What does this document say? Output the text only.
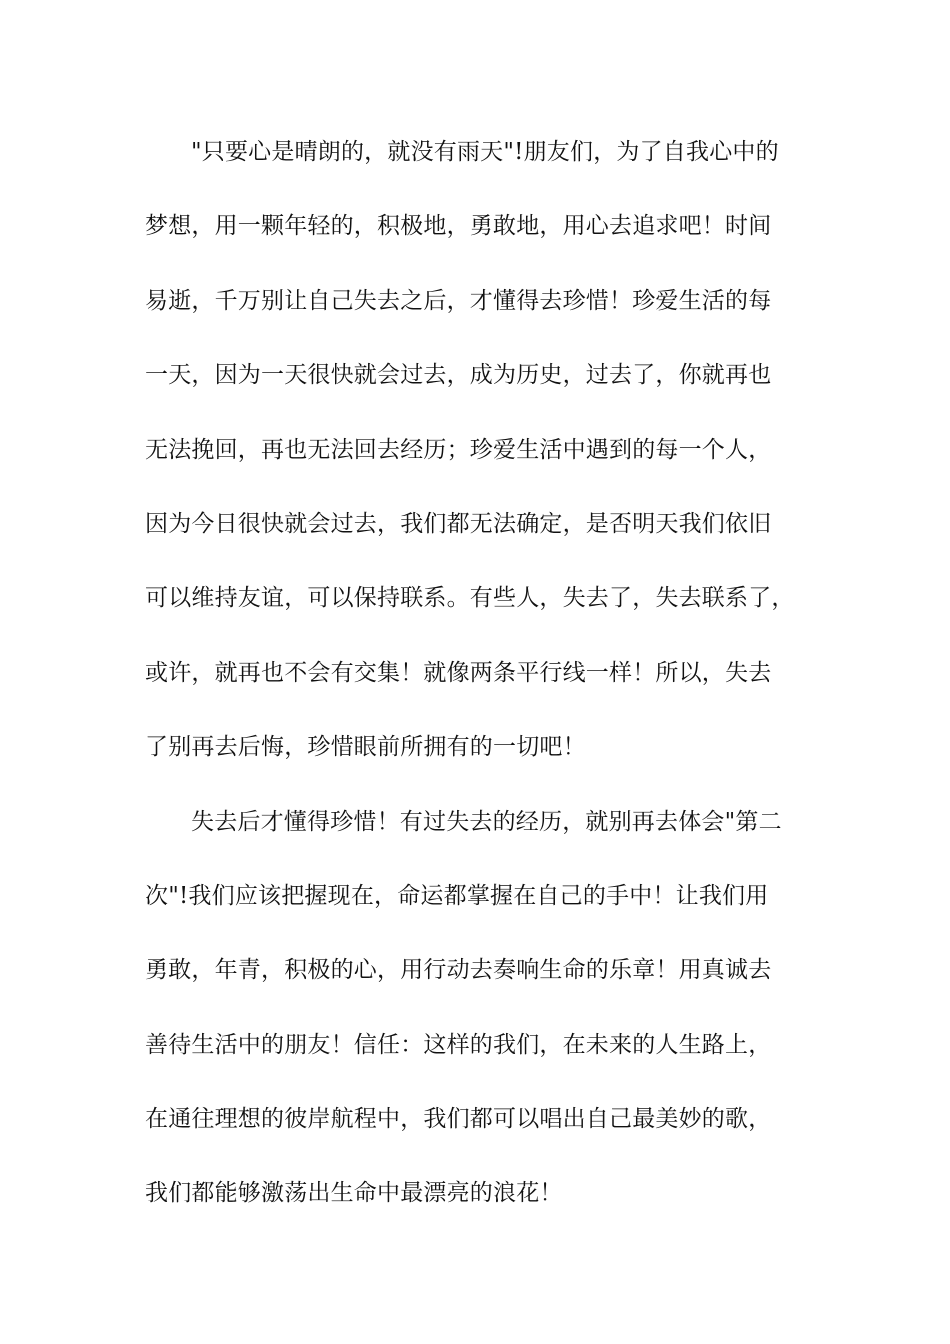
"只要心是晴朗的，就没有雨天"!朋友们，为了自我心中的
梦想，用一颗年轻的，积极地，勇敢地，用心去追求吧！时间
易逝，千万别让自己失去之后，才懂得去珍惜！珍爱生活的每
一天，因为一天很快就会过去，成为历史，过去了，你就再也
无法挽回，再也无法回去经历；珍爱生活中遇到的每一个人，
因为今日很快就会过去，我们都无法确定，是否明天我们依旧
可以维持友谊，可以保持联系。有些人，失去了，失去联系了，
或许，就再也不会有交集！就像两条平行线一样！所以，失去
了别再去后悔，珍惜眼前所拥有的一切吧！
失去后才懂得珍惜！有过失去的经历，就别再去体会"第二
次"!我们应该把握现在，命运都掌握在自己的手中！让我们用
勇敢，年青，积极的心，用行动去奏响生命的乐章！用真诚去
善待生活中的朋友！信任：这样的我们，在未来的人生路上，
在通往理想的彼岸航程中，我们都可以唱出自己最美妙的歌，
我们都能够激荡出生命中最漂亮的浪花！
